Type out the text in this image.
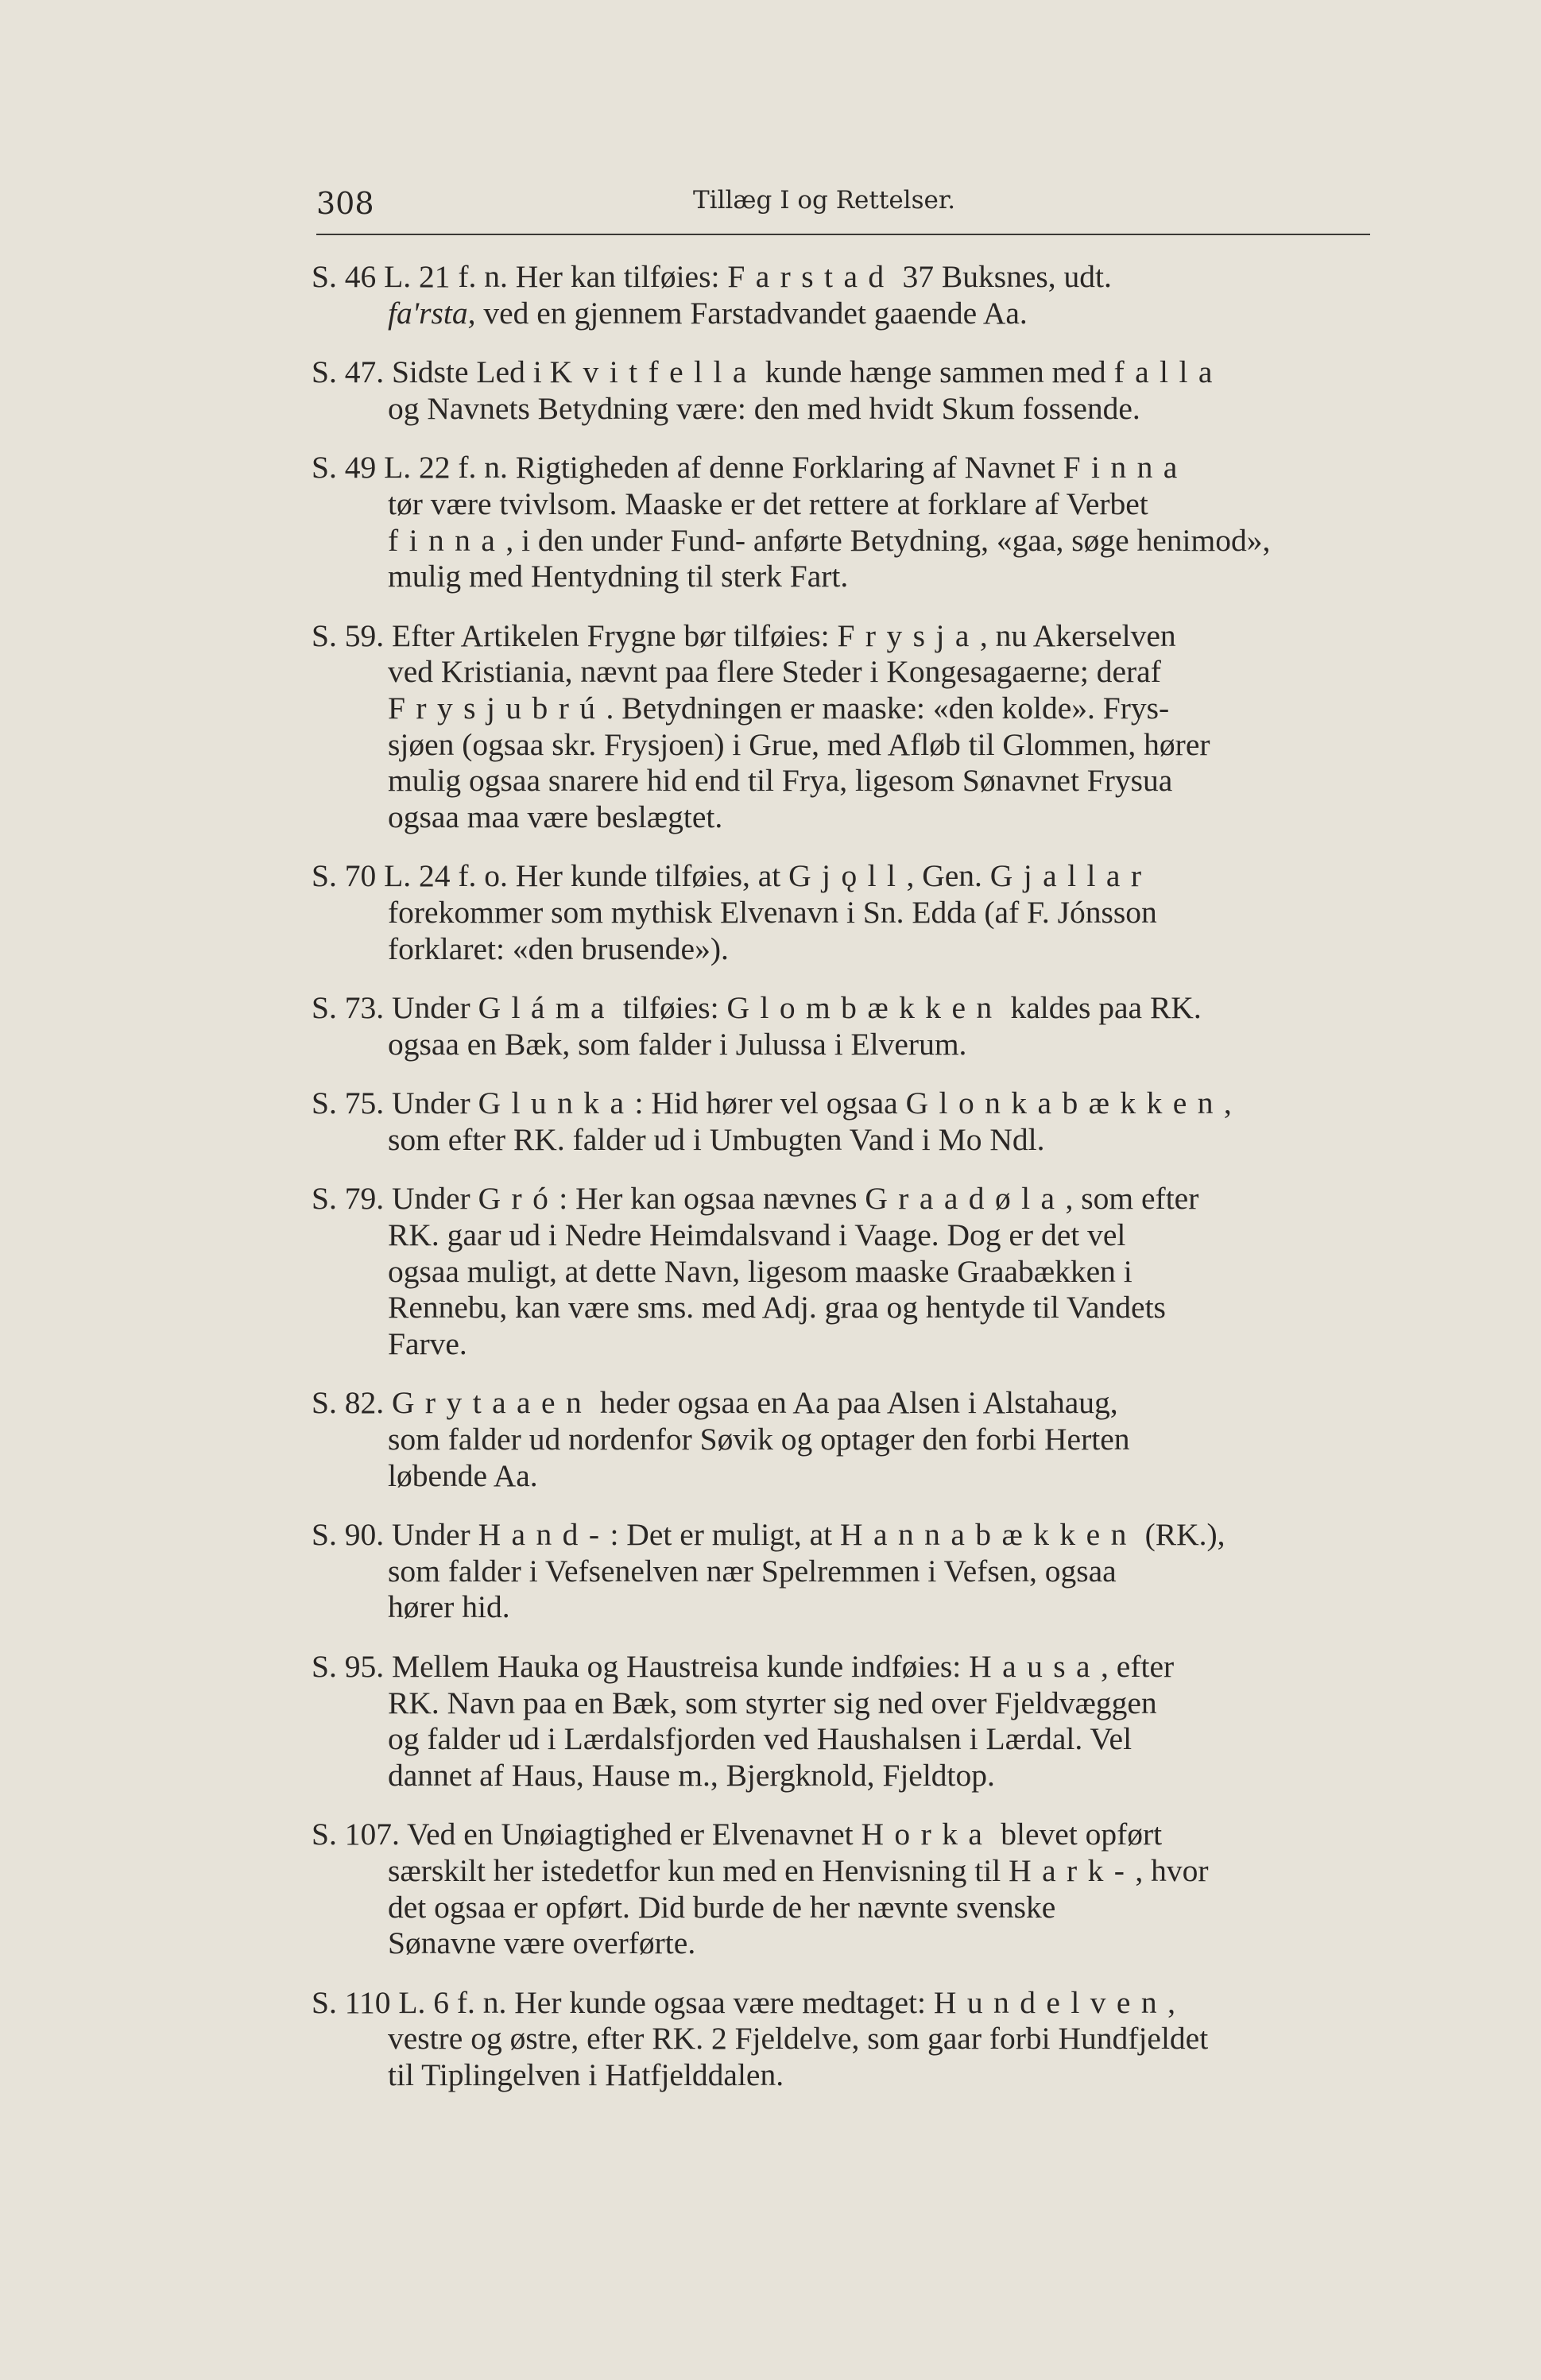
308	Tillæg I og Rettelser.
S. 46 L. 21 f. n. Her kan tilføies: Farstad 37 Buksnes, udt.
fa'rsta, ved en gjennem Farstadvandet gaaende Aa.
S. 47. Sidste Led i Kvitfella kunde hænge sammen med falla
og Navnets Betydning være: den med hvidt Skum fossende.
S. 49 L. 22 f. n. Rigtigheden af denne Forklaring af Navnet Finna
tør være tvivlsom. Maaske er det rettere at forklare af Verbet
finna, i den under Fund- anførte Betydning, «gaa, søge henimod»,
mulig med Hentydning til sterk Fart.
S. 59. Efter Artikelen Frygne bør tilføies: Frysja, nu Akerselven
ved Kristiania, nævnt paa flere Steder i Kongesagaerne; deraf
Frysjubrú. Betydningen er maaske: «den kolde». Frys-
sjøen (ogsaa skr. Frysjoen) i Grue, med Afløb til Glommen, hører
mulig ogsaa snarere hid end til Frya, ligesom Sønavnet Frysua
ogsaa maa være beslægtet.
S. 70 L. 24 f. o. Her kunde tilføies, at Gjǫll, Gen. Gjallar
forekommer som mythisk Elvenavn i Sn. Edda (af F. Jónsson
forklaret: «den brusende»).
S. 73. Under Gláma tilføies: Glombækken kaldes paa RK.
ogsaa en Bæk, som falder i Julussa i Elverum.
S. 75. Under Glunka: Hid hører vel ogsaa Glonkabækken,
som efter RK. falder ud i Umbugten Vand i Mo Ndl.
S. 79. Under Gró: Her kan ogsaa nævnes Graadøla, som efter
RK. gaar ud i Nedre Heimdalsvand i Vaage. Dog er det vel
ogsaa muligt, at dette Navn, ligesom maaske Graabækken i
Rennebu, kan være sms. med Adj. graa og hentyde til Vandets
Farve.
S. 82. Grytaaen heder ogsaa en Aa paa Alsen i Alstahaug,
som falder ud nordenfor Søvik og optager den forbi Herten
løbende Aa.
S. 90. Under Hand-: Det er muligt, at Hannabækken (RK.),
som falder i Vefsenelven nær Spelremmen i Vefsen, ogsaa
hører hid.
S. 95. Mellem Hauka og Haustreisa kunde indføies: Hausa, efter
RK. Navn paa en Bæk, som styrter sig ned over Fjeldvæggen
og falder ud i Lærdalsfjorden ved Haushalsen i Lærdal. Vel
dannet af Haus, Hause m., Bjergknold, Fjeldtop.
S. 107. Ved en Unøiagtighed er Elvenavnet Horka blevet opført
særskilt her istedetfor kun med en Henvisning til Hark-, hvor
det ogsaa er opført. Did burde de her nævnte svenske
Sønavne være overførte.
S. 110 L. 6 f. n. Her kunde ogsaa være medtaget: Hundelven,
vestre og østre, efter RK. 2 Fjeldelve, som gaar forbi Hundfjeldet
til Tiplingelven i Hatfjelddalen.
